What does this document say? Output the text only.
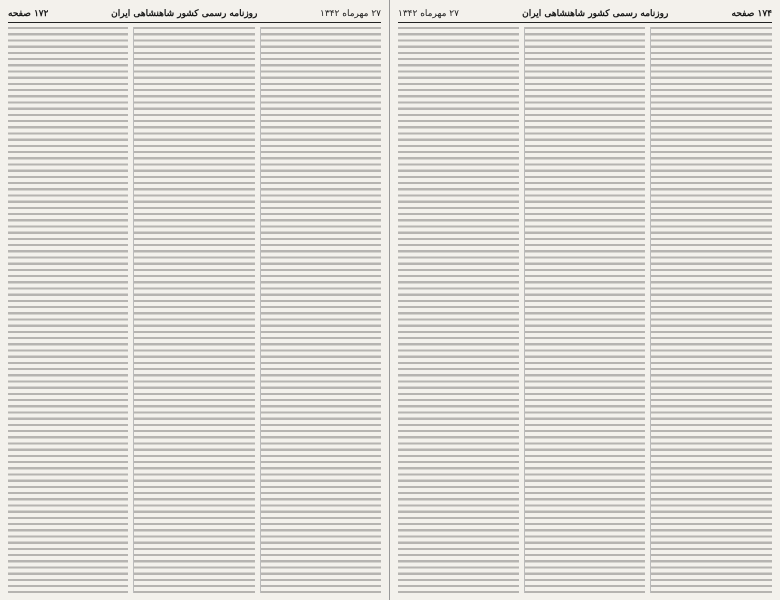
۱۷۴ صفحه
روزنامه رسمی کشور شاهنشاهی ایران
۲۷ مهرماه ۱۳۴۲
۲۷ مهرماه ۱۳۴۲
روزنامه رسمی کشور شاهنشاهی ایران
۱۷۲ صفحه
